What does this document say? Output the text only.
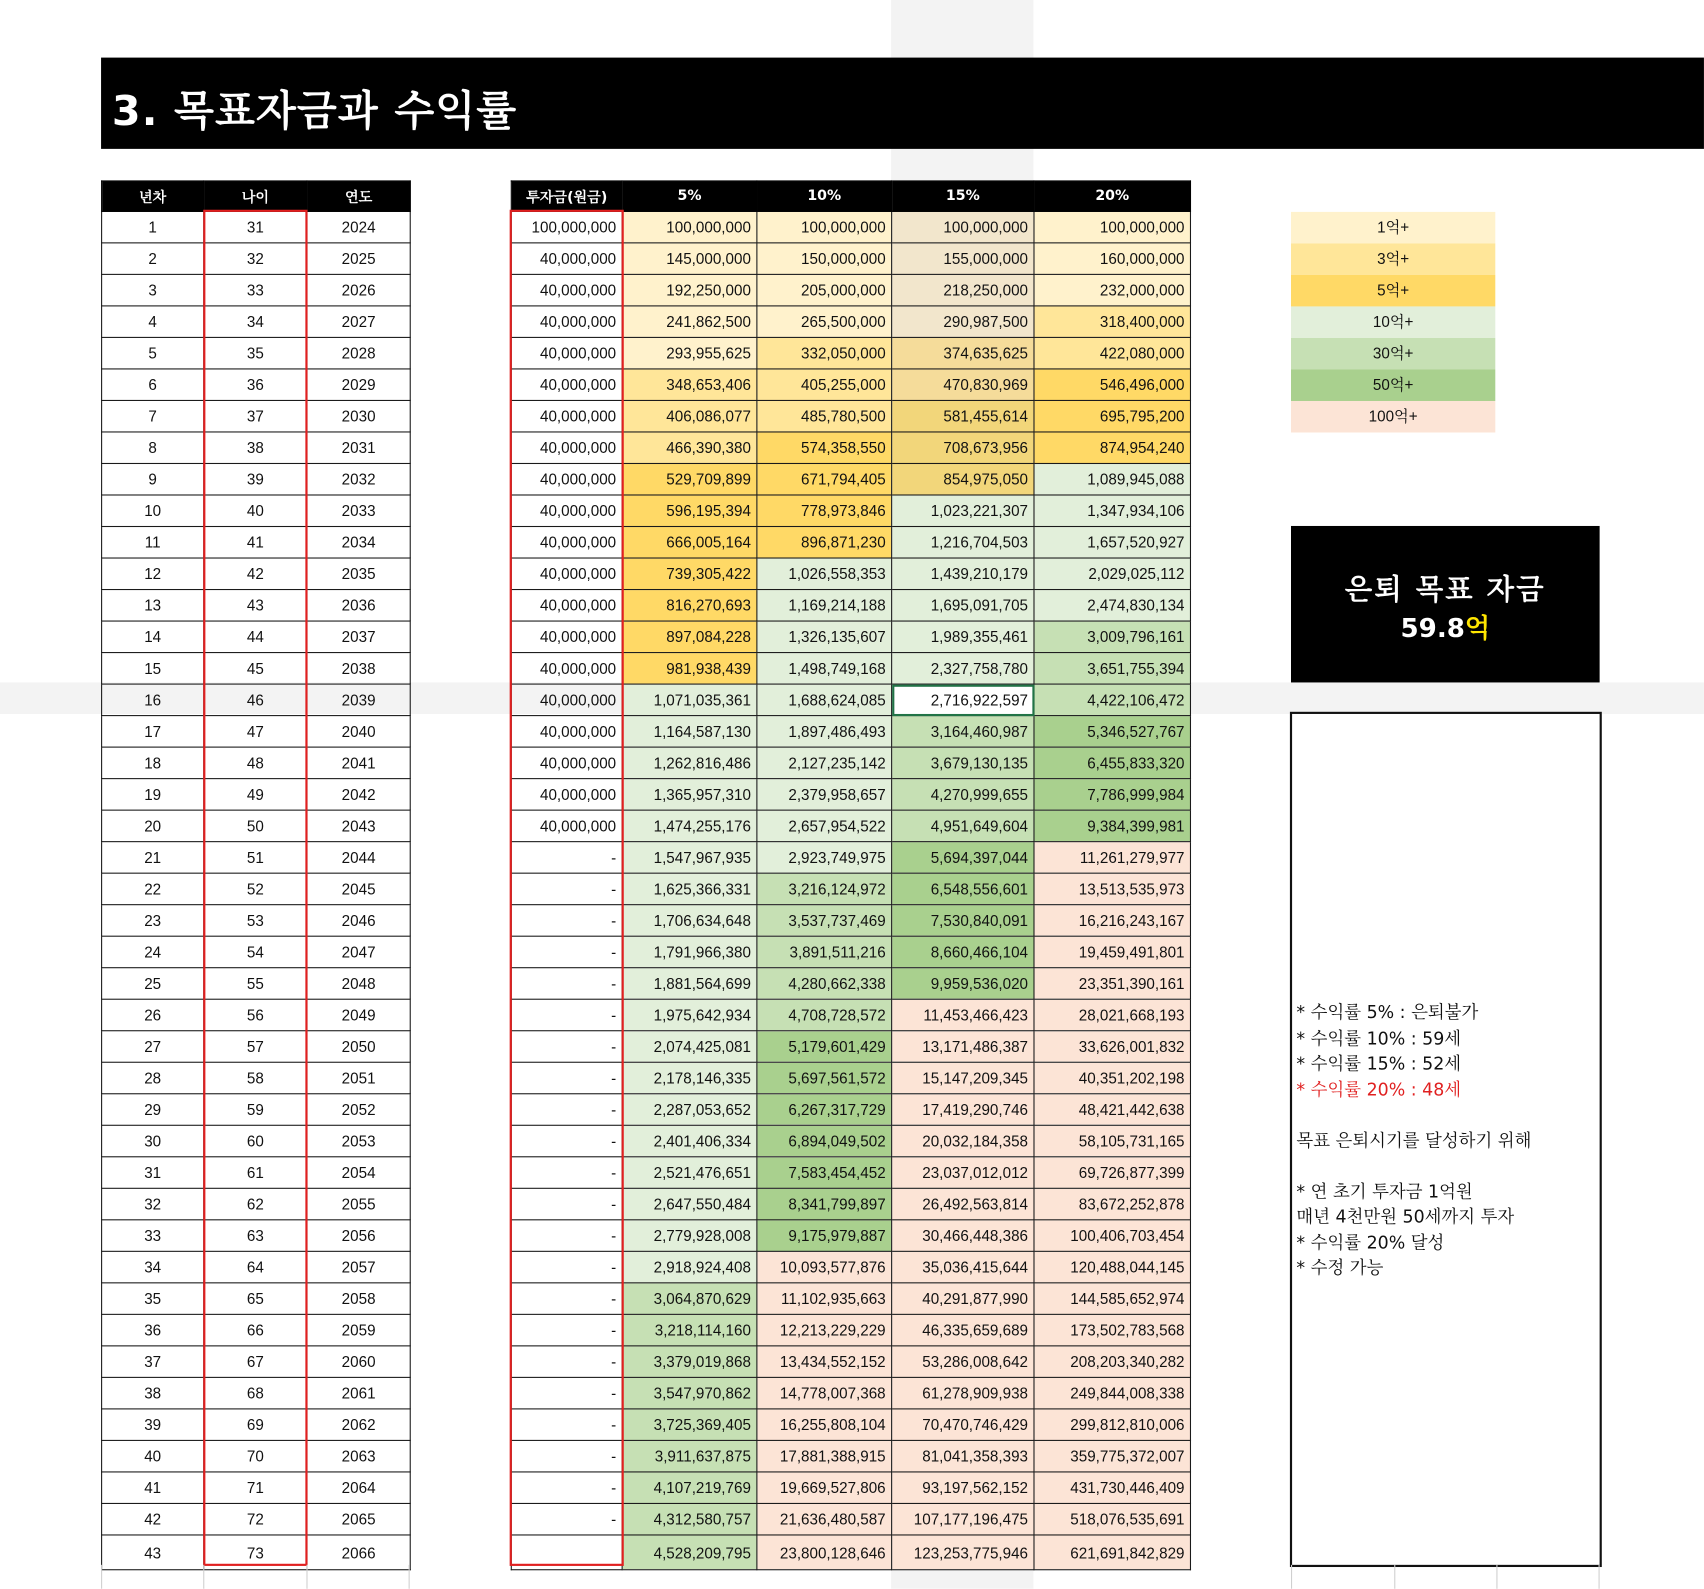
3. 목표자금과 수익률
년차	나이	연도
1	31	2024
2	32	2025
3	33	2026
4	34	2027
5	35	2028
6	36	2029
7	37	2030
8	38	2031
9	39	2032
10	40	2033
11	41	2034
12	42	2035
13	43	2036
14	44	2037
15	45	2038
16	46	2039
17	47	2040
18	48	2041
19	49	2042
20	50	2043
21	51	2044
22	52	2045
23	53	2046
24	54	2047
25	55	2048
26	56	2049
27	57	2050
28	58	2051
29	59	2052
30	60	2053
31	61	2054
32	62	2055
33	63	2056
34	64	2057
35	65	2058
36	66	2059
37	67	2060
38	68	2061
39	69	2062
40	70	2063
41	71	2064
42	72	2065
43	73	2066
투자금(원금)	5%	10%	15%	20%
100,000,000	100,000,000	100,000,000	100,000,000	100,000,000
40,000,000	145,000,000	150,000,000	155,000,000	160,000,000
40,000,000	192,250,000	205,000,000	218,250,000	232,000,000
40,000,000	241,862,500	265,500,000	290,987,500	318,400,000
40,000,000	293,955,625	332,050,000	374,635,625	422,080,000
40,000,000	348,653,406	405,255,000	470,830,969	546,496,000
40,000,000	406,086,077	485,780,500	581,455,614	695,795,200
40,000,000	466,390,380	574,358,550	708,673,956	874,954,240
40,000,000	529,709,899	671,794,405	854,975,050	1,089,945,088
40,000,000	596,195,394	778,973,846	1,023,221,307	1,347,934,106
40,000,000	666,005,164	896,871,230	1,216,704,503	1,657,520,927
40,000,000	739,305,422	1,026,558,353	1,439,210,179	2,029,025,112
40,000,000	816,270,693	1,169,214,188	1,695,091,705	2,474,830,134
40,000,000	897,084,228	1,326,135,607	1,989,355,461	3,009,796,161
40,000,000	981,938,439	1,498,749,168	2,327,758,780	3,651,755,394
40,000,000	1,071,035,361	1,688,624,085	2,716,922,597	4,422,106,472
40,000,000	1,164,587,130	1,897,486,493	3,164,460,987	5,346,527,767
40,000,000	1,262,816,486	2,127,235,142	3,679,130,135	6,455,833,320
40,000,000	1,365,957,310	2,379,958,657	4,270,999,655	7,786,999,984
40,000,000	1,474,255,176	2,657,954,522	4,951,649,604	9,384,399,981
-	1,547,967,935	2,923,749,975	5,694,397,044	11,261,279,977
-	1,625,366,331	3,216,124,972	6,548,556,601	13,513,535,973
-	1,706,634,648	3,537,737,469	7,530,840,091	16,216,243,167
-	1,791,966,380	3,891,511,216	8,660,466,104	19,459,491,801
-	1,881,564,699	4,280,662,338	9,959,536,020	23,351,390,161
-	1,975,642,934	4,708,728,572	11,453,466,423	28,021,668,193
-	2,074,425,081	5,179,601,429	13,171,486,387	33,626,001,832
-	2,178,146,335	5,697,561,572	15,147,209,345	40,351,202,198
-	2,287,053,652	6,267,317,729	17,419,290,746	48,421,442,638
-	2,401,406,334	6,894,049,502	20,032,184,358	58,105,731,165
-	2,521,476,651	7,583,454,452	23,037,012,012	69,726,877,399
-	2,647,550,484	8,341,799,897	26,492,563,814	83,672,252,878
-	2,779,928,008	9,175,979,887	30,466,448,386	100,406,703,454
-	2,918,924,408	10,093,577,876	35,036,415,644	120,488,044,145
-	3,064,870,629	11,102,935,663	40,291,877,990	144,585,652,974
-	3,218,114,160	12,213,229,229	46,335,659,689	173,502,783,568
-	3,379,019,868	13,434,552,152	53,286,008,642	208,203,340,282
-	3,547,970,862	14,778,007,368	61,278,909,938	249,844,008,338
-	3,725,369,405	16,255,808,104	70,470,746,429	299,812,810,006
-	3,911,637,875	17,881,388,915	81,041,358,393	359,775,372,007
-	4,107,219,769	19,669,527,806	93,197,562,152	431,730,446,409
-	4,312,580,757	21,636,480,587	107,177,196,475	518,076,535,691
	4,528,209,795	23,800,128,646	123,253,775,946	621,691,842,829
1억+
3억+
5억+
10억+
30억+
50억+
100억+
은퇴 목표 자금
59.8억
* 수익률 5% : 은퇴불가
* 수익률 10% : 59세
* 수익률 15% : 52세
* 수익률 20% : 48세
목표 은퇴시기를 달성하기 위해
* 연 초기 투자금 1억원
매년 4천만원 50세까지 투자
* 수익률 20% 달성
* 수정 가능
